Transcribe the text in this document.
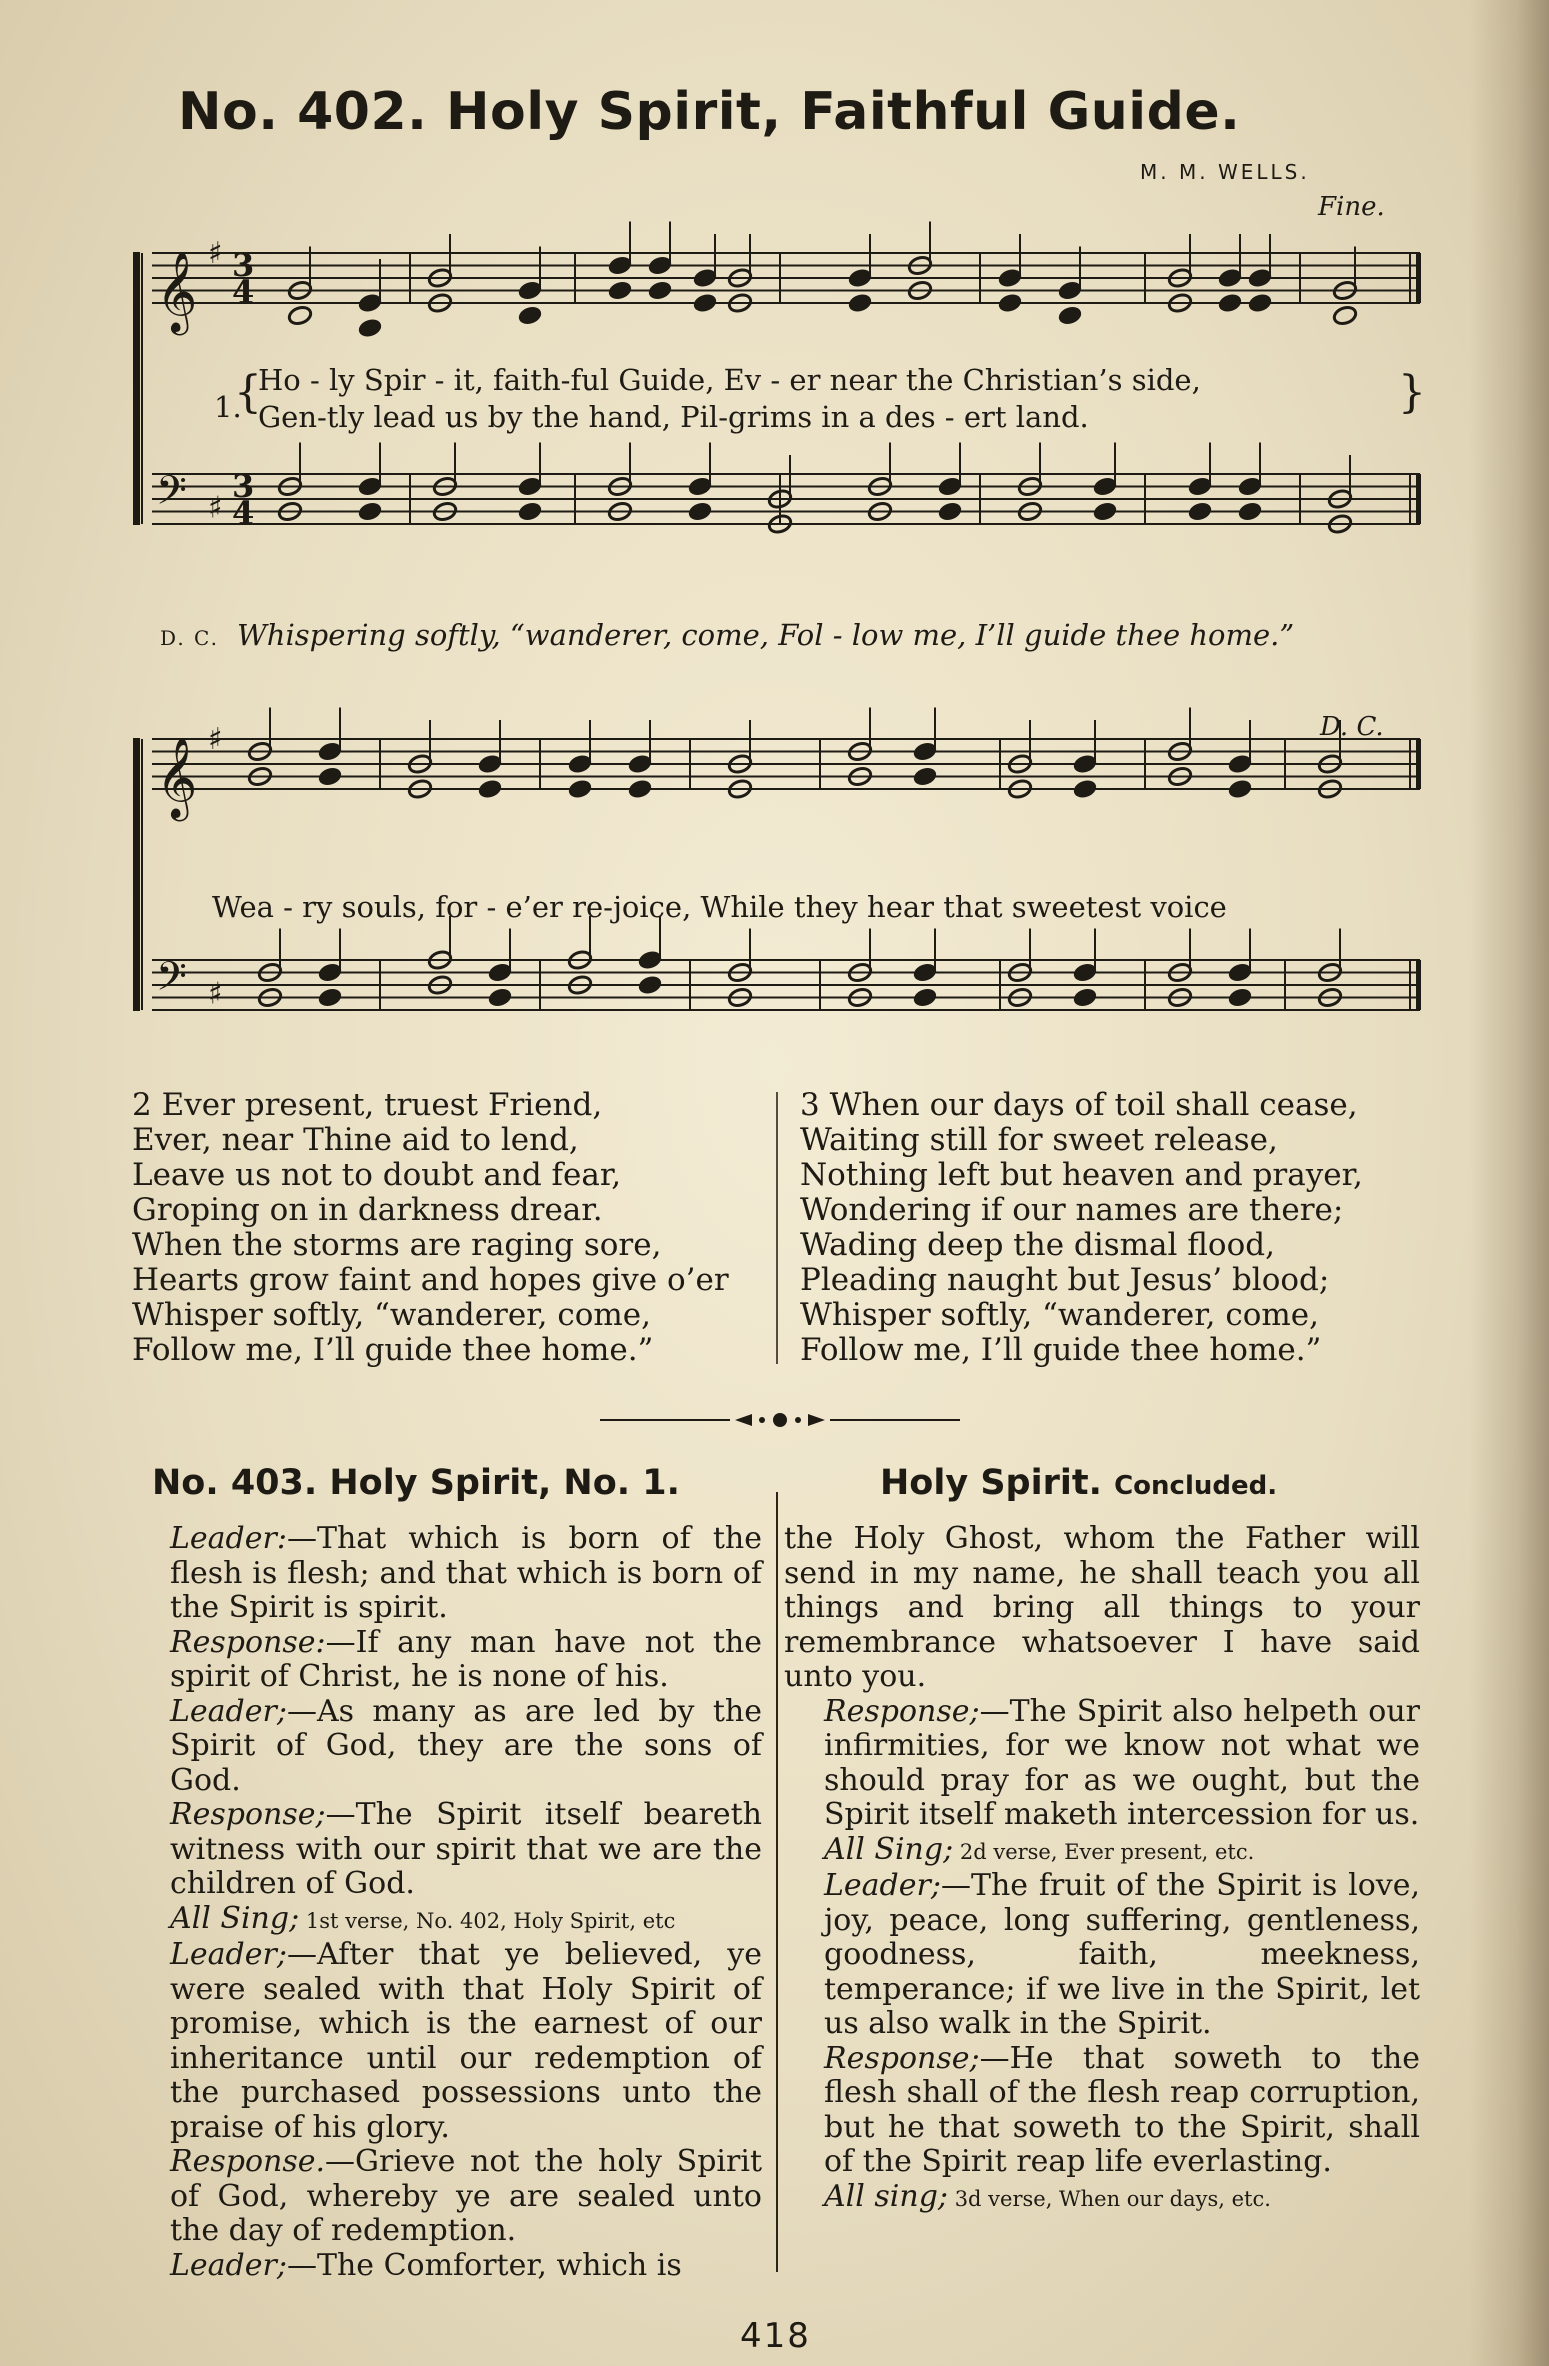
No. 402. Holy Spirit, Faithful Guide.
M. M. WELLS.
Fine.
D. C.
𝄞 ♯ 3
4
𝄢 ♯
3
4
𝄞 ♯
𝄢 ♯
1.
{
Ho - ly Spir - it, faith-ful Guide, Ev - er near the Christian’s side,
Gen-tly lead us by the hand, Pil-grims in a des - ert land.	}
D. C. Whispering softly, “wanderer, come, Fol - low me, I’ll guide thee home.”
Wea - ry souls, for - e’er re-joice, While they hear that sweetest voice
2 Ever present, truest Friend,
Ever, near Thine aid to lend,
Leave us not to doubt and fear,
Groping on in darkness drear.
When the storms are raging sore,
Hearts grow faint and hopes give o’er
Whisper softly, “wanderer, come,
Follow me, I’ll guide thee home.”
3 When our days of toil shall cease,
Waiting still for sweet release,
Nothing left but heaven and prayer,
Wondering if our names are there;
Wading deep the dismal flood,
Pleading naught but Jesus’ blood;
Whisper softly, “wanderer, come,
Follow me, I’ll guide thee home.”
No. 403. Holy Spirit, No. 1.	Holy Spirit. Concluded.

Leader:—That which is born of the flesh is flesh; and that which is born of the Spirit is spirit.

Response:—If any man have not the spirit of Christ, he is none of his.

Leader;—As many as are led by the Spirit of God, they are the sons of God.

Response;—The Spirit itself beareth witness with our spirit that we are the children of God.

All Sing; 1st verse, No. 402, Holy Spirit, etc

Leader;—After that ye believed, ye were sealed with that Holy Spirit of promise, which is the earnest of our inheritance until our redemption of the purchased possessions unto the praise of his glory.

Response.—Grieve not the holy Spirit of God, whereby ye are sealed unto the day of redemption.

Leader;—The Comforter, which is

the Holy Ghost, whom the Father will send in my name, he shall teach you all things and bring all things to your remembrance whatsoever I have said unto you.

Response;—The Spirit also helpeth our infirmities, for we know not what we should pray for as we ought, but the Spirit itself maketh intercession for us.

All Sing; 2d verse, Ever present, etc.

Leader;—The fruit of the Spirit is love, joy, peace, long suffering, gentleness, goodness, faith, meekness, temperance; if we live in the Spirit, let us also walk in the Spirit.

Response;—He that soweth to the flesh shall of the flesh reap corruption, but he that soweth to the Spirit, shall of the Spirit reap life everlasting.

All sing; 3d verse, When our days, etc.

418
